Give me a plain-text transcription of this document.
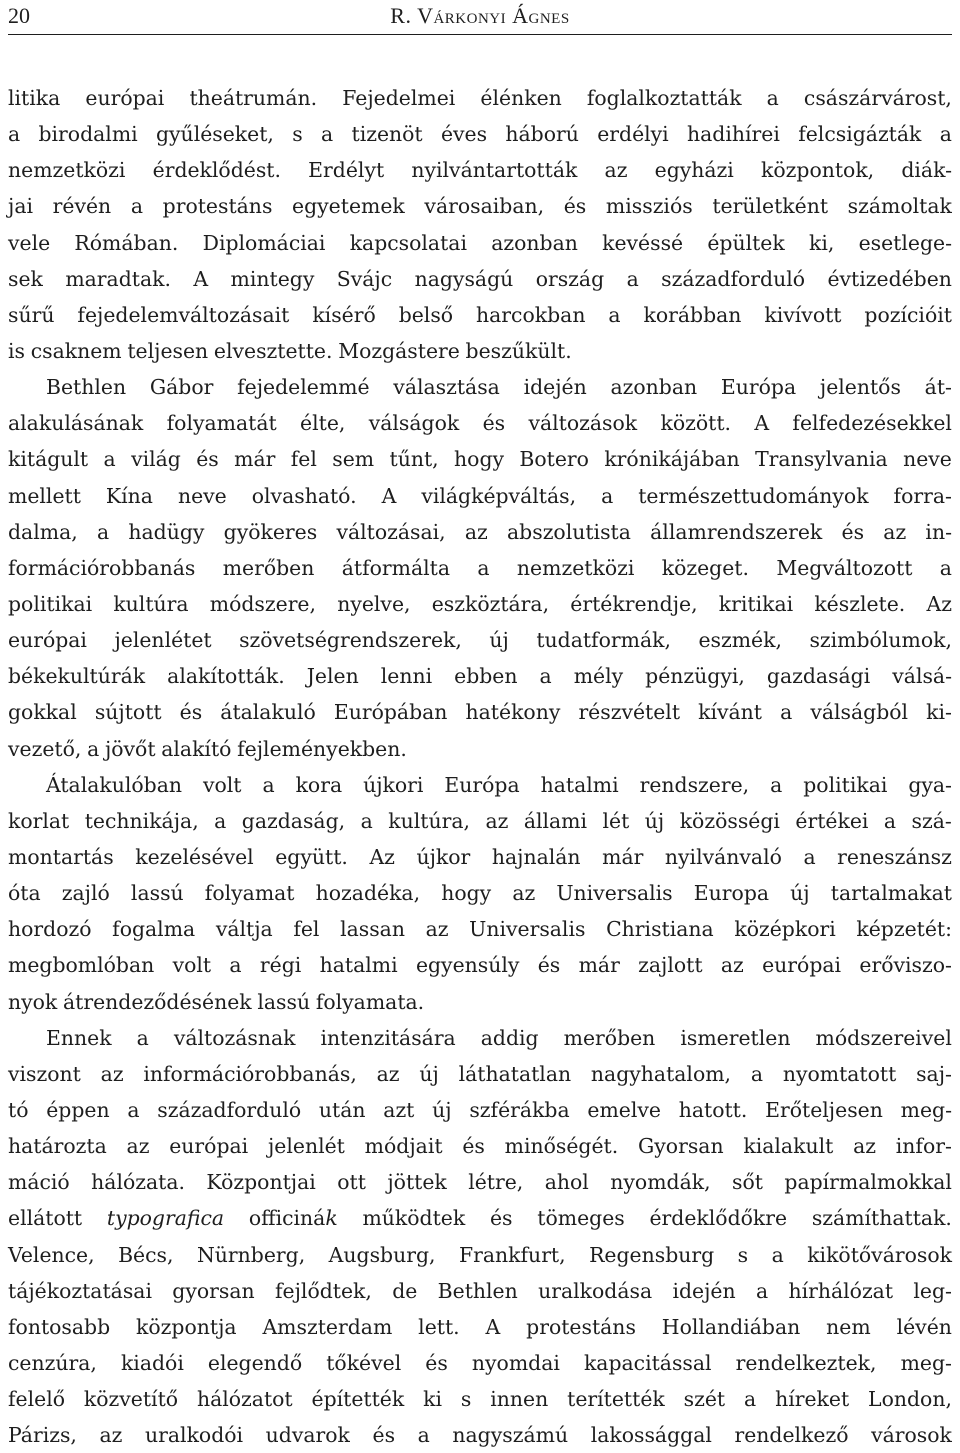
20	R. Várkonyi Ágnes
litika európai theátrumán. Fejedelmei élénken foglalkoztatták a császárvárost,
a birodalmi gyűléseket, s a tizenöt éves háború erdélyi hadihírei felcsigázták a
nemzetközi érdeklődést. Erdélyt nyilvántartották az egyházi központok, diák-
jai révén a protestáns egyetemek városaiban, és missziós területként számoltak
vele Rómában. Diplomáciai kapcsolatai azonban kevéssé épültek ki, esetlege-
sek maradtak. A mintegy Svájc nagyságú ország a századforduló évtizedében
sűrű fejedelemváltozásait kísérő belső harcokban a korábban kivívott pozícióit
is csaknem teljesen elvesztette. Mozgástere beszűkült.
Bethlen Gábor fejedelemmé választása idején azonban Európa jelentős át-
alakulásának folyamatát élte, válságok és változások között. A felfedezésekkel
kitágult a világ és már fel sem tűnt, hogy Botero krónikájában Transylvania neve
mellett Kína neve olvasható. A világképváltás, a természettudományok forra-
dalma, a hadügy gyökeres változásai, az abszolutista államrendszerek és az in-
formációrobbanás merőben átformálta a nemzetközi közeget. Megváltozott a
politikai kultúra módszere, nyelve, eszköztára, értékrendje, kritikai készlete. Az
európai jelenlétet szövetségrendszerek, új tudatformák, eszmék, szimbólumok,
békekultúrák alakították. Jelen lenni ebben a mély pénzügyi, gazdasági válsá-
gokkal sújtott és átalakuló Európában hatékony részvételt kívánt a válságból ki-
vezető, a jövőt alakító fejleményekben.
Átalakulóban volt a kora újkori Európa hatalmi rendszere, a politikai gya-
korlat technikája, a gazdaság, a kultúra, az állami lét új közösségi értékei a szá-
montartás kezelésével együtt. Az újkor hajnalán már nyilvánvaló a reneszánsz
óta zajló lassú folyamat hozadéka, hogy az Universalis Europa új tartalmakat
hordozó fogalma váltja fel lassan az Universalis Christiana középkori képzetét:
megbomlóban volt a régi hatalmi egyensúly és már zajlott az európai erőviszo-
nyok átrendeződésének lassú folyamata.
Ennek a változásnak intenzitására addig merőben ismeretlen módszereivel
viszont az információrobbanás, az új láthatatlan nagyhatalom, a nyomtatott saj-
tó éppen a századforduló után azt új szférákba emelve hatott. Erőteljesen meg-
határozta az európai jelenlét módjait és minőségét. Gyorsan kialakult az infor-
máció hálózata. Központjai ott jöttek létre, ahol nyomdák, sőt papírmalmokkal
ellátott typografica officinák működtek és tömeges érdeklődőkre számíthattak.
Velence, Bécs, Nürnberg, Augsburg, Frankfurt, Regensburg s a kikötővárosok
tájékoztatásai gyorsan fejlődtek, de Bethlen uralkodása idején a hírhálózat leg-
fontosabb központja Amszterdam lett. A protestáns Hollandiában nem lévén
cenzúra, kiadói elegendő tőkével és nyomdai kapacitással rendelkeztek, meg-
felelő közvetítő hálózatot építették ki s innen terítették szét a híreket London,
Párizs, az uralkodói udvarok és a nagyszámú lakossággal rendelkező városok
